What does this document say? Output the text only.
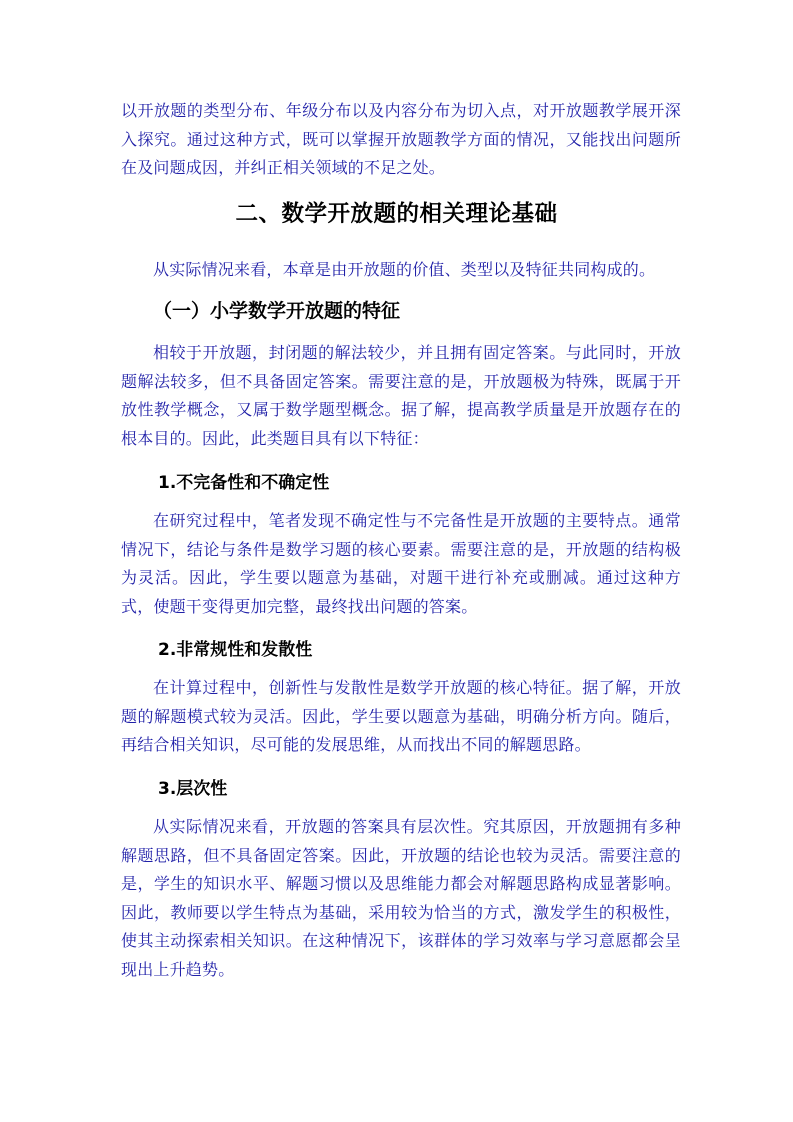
以开放题的类型分布、年级分布以及内容分布为切入点，对开放题教学展开深入探究。通过这种方式，既可以掌握开放题教学方面的情况，又能找出问题所在及问题成因，并纠正相关领域的不足之处。

二、数学开放题的相关理论基础

从实际情况来看，本章是由开放题的价值、类型以及特征共同构成的。

（一）小学数学开放题的特征

相较于开放题，封闭题的解法较少，并且拥有固定答案。与此同时，开放题解法较多，但不具备固定答案。需要注意的是，开放题极为特殊，既属于开放性教学概念，又属于数学题型概念。据了解，提高教学质量是开放题存在的根本目的。因此，此类题目具有以下特征：

1.不完备性和不确定性

在研究过程中，笔者发现不确定性与不完备性是开放题的主要特点。通常情况下，结论与条件是数学习题的核心要素。需要注意的是，开放题的结构极为灵活。因此，学生要以题意为基础，对题干进行补充或删减。通过这种方式，使题干变得更加完整，最终找出问题的答案。

2.非常规性和发散性

在计算过程中，创新性与发散性是数学开放题的核心特征。据了解，开放题的解题模式较为灵活。因此，学生要以题意为基础，明确分析方向。随后，再结合相关知识，尽可能的发展思维，从而找出不同的解题思路。

3.层次性

从实际情况来看，开放题的答案具有层次性。究其原因，开放题拥有多种解题思路，但不具备固定答案。因此，开放题的结论也较为灵活。需要注意的是，学生的知识水平、解题习惯以及思维能力都会对解题思路构成显著影响。因此，教师要以学生特点为基础，采用较为恰当的方式，激发学生的积极性，使其主动探索相关知识。在这种情况下，该群体的学习效率与学习意愿都会呈现出上升趋势。
